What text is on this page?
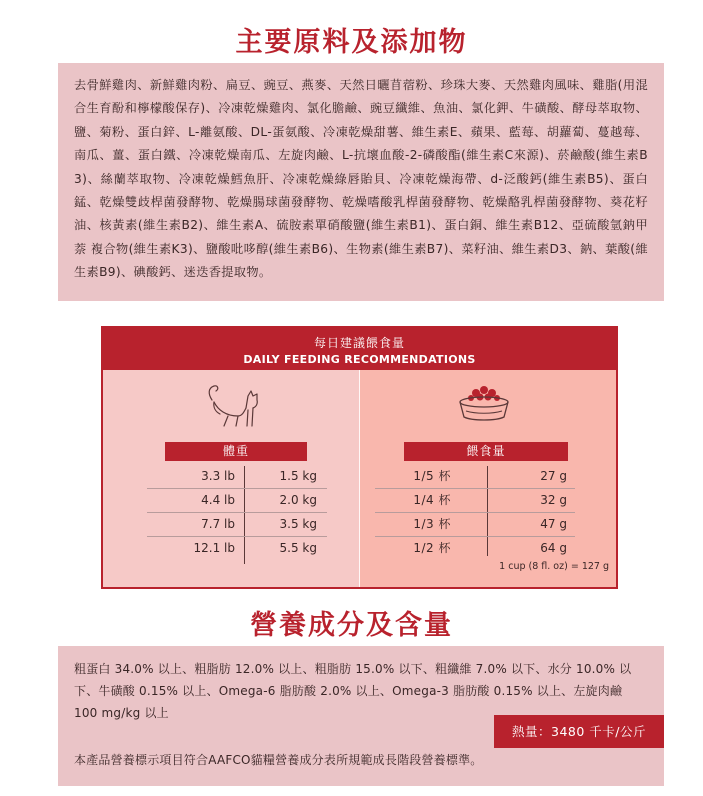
主要原料及添加物

去骨鮮雞肉、新鮮雞肉粉、扁豆、豌豆、燕麥、天然日曬苜蓿粉、珍珠大麥、天然雞肉風味、雞脂(用混合生育酚和檸檬酸保存)、冷凍乾燥雞肉、氯化膽鹼、豌豆纖維、魚油、氯化鉀、牛磺酸、酵母萃取物、鹽、菊粉、蛋白鋅、L-離氨酸、DL-蛋氨酸、冷凍乾燥甜薯、維生素E、蘋果、藍莓、胡蘿蔔、蔓越莓、南瓜、薑、蛋白鐵、冷凍乾燥南瓜、左旋肉鹼、L-抗壞血酸-2-磷酸酯(維生素C來源)、菸鹼酸(維生素B3)、絲蘭萃取物、冷凍乾燥鱈魚肝、冷凍乾燥綠唇貽貝、冷凍乾燥海帶、d-泛酸鈣(維生素B5)、蛋白錳、乾燥雙歧桿菌發酵物、乾燥腸球菌發酵物、乾燥嗜酸乳桿菌發酵物、乾燥酪乳桿菌發酵物、葵花籽油、核黃素(維生素B2)、維生素A、硫胺素單硝酸鹽(維生素B1)、蛋白銅、維生素B12、亞硫酸氫鈉甲萘 複合物(維生素K3)、鹽酸吡哆醇(維生素B6)、生物素(維生素B7)、菜籽油、維生素D3、鈉、葉酸(維生素B9)、碘酸鈣、迷迭香提取物。

每日建議餵食量
DAILY FEEDING RECOMMENDATIONS
體重	餵食量
3.3 lb	1.5 kg	1/5 杯	27 g
4.4 lb	2.0 kg	1/4 杯	32 g
7.7 lb	3.5 kg	1/3 杯	47 g
12.1 lb	5.5 kg	1/2 杯	64 g
1 cup (8 fl. oz) = 127 g
營養成分及含量

粗蛋白 34.0% 以上、粗脂肪 12.0% 以上、粗脂肪 15.0% 以下、粗纖維 7.0% 以下、水分 10.0% 以下、牛磺酸 0.15% 以上、Omega-6 脂肪酸 2.0% 以上、Omega-3 脂肪酸 0.15% 以上、左旋肉鹼 100 mg/kg 以上

熱量：3480 千卡/公斤
本產品營養標示項目符合AAFCO貓糧營養成分表所規範成長階段營養標準。
